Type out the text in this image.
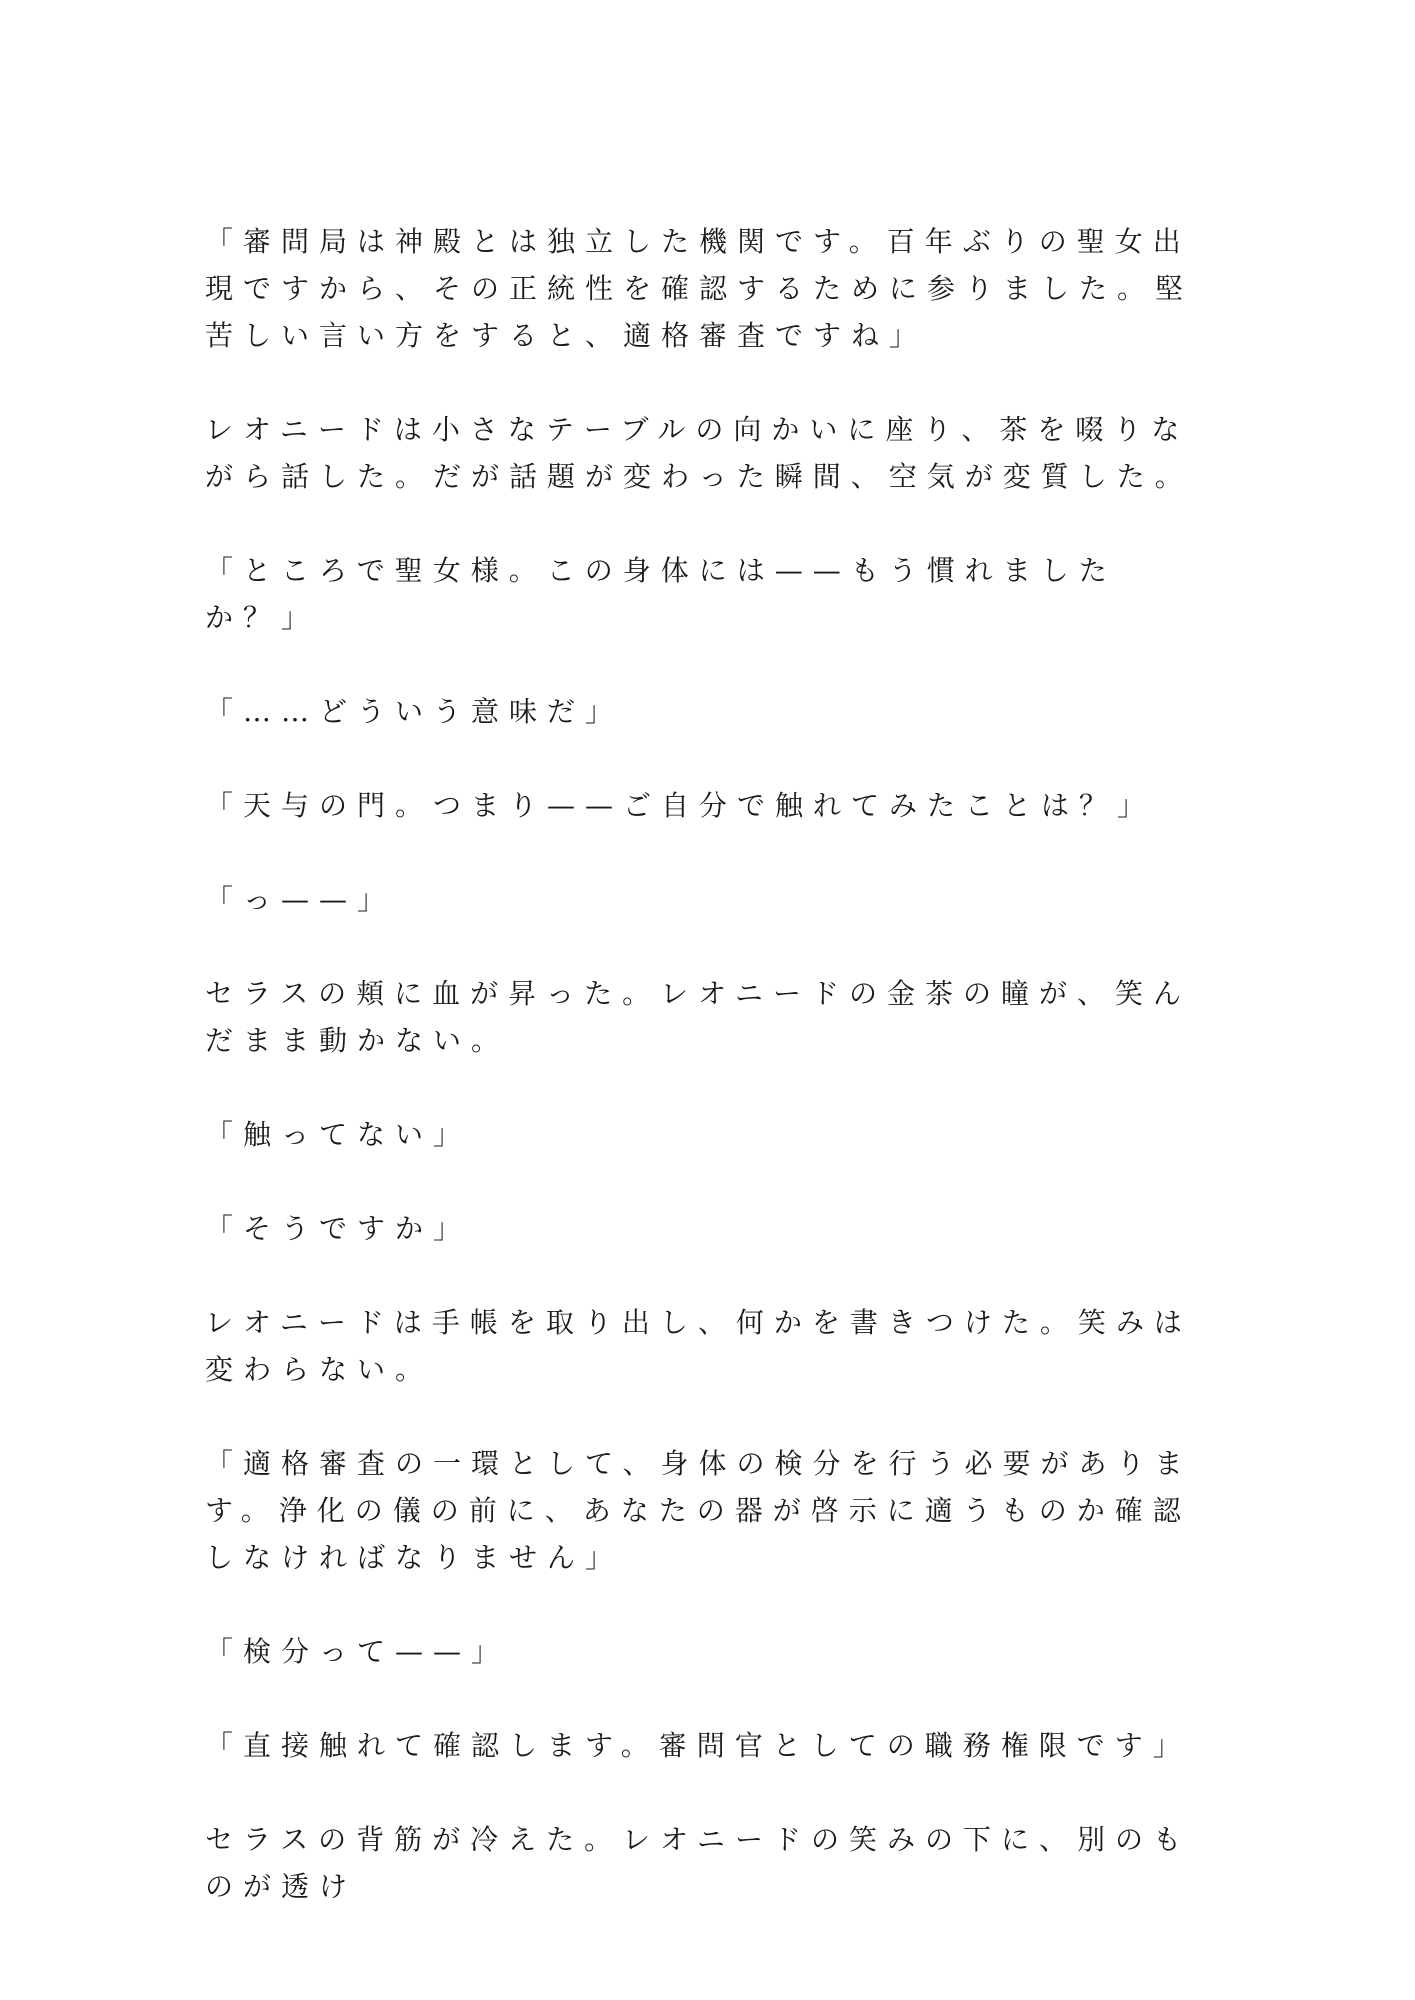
「審問局は神殿とは独立した機関です。百年ぶりの聖女出現ですから、その正統性を確認するために参りました。堅苦しい言い方をすると、適格審査ですね」

レオニードは小さなテーブルの向かいに座り、茶を啜りながら話した。だが話題が変わった瞬間、空気が変質した。

「ところで聖女様。この身体には——もう慣れましたか？」

「……どういう意味だ」

「天与の門。つまり——ご自分で触れてみたことは？」

「っ——」

セラスの頬に血が昇った。レオニードの金茶の瞳が、笑んだまま動かない。

「触ってない」

「そうですか」

レオニードは手帳を取り出し、何かを書きつけた。笑みは変わらない。

「適格審査の一環として、身体の検分を行う必要があります。浄化の儀の前に、あなたの器が啓示に適うものか確認しなければなりません」

「検分って——」

「直接触れて確認します。審問官としての職務権限です」

セラスの背筋が冷えた。レオニードの笑みの下に、別のものが透け
